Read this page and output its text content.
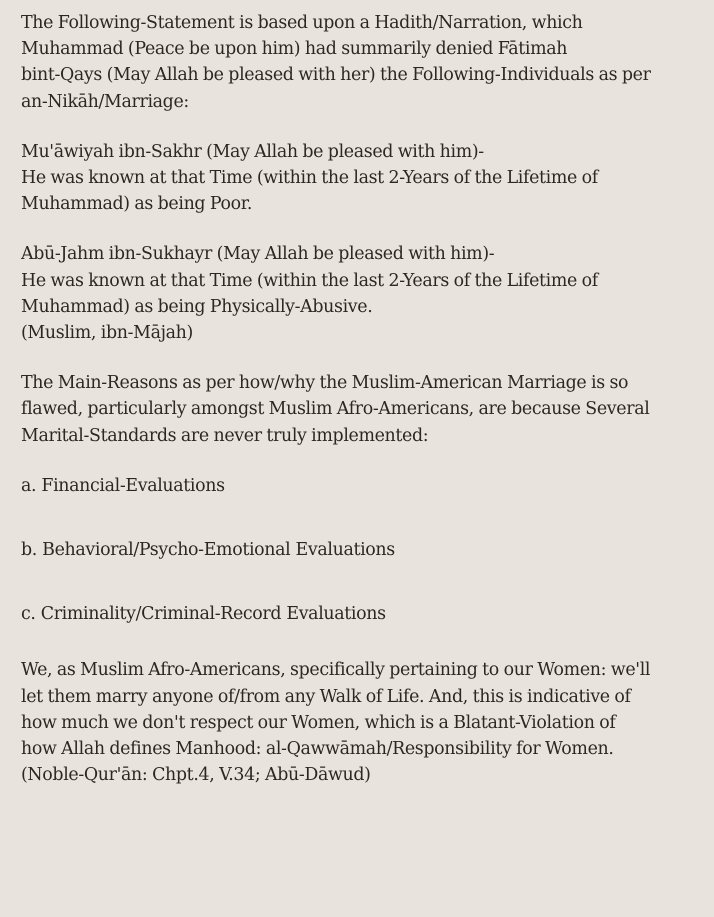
The Following-Statement is based upon a Hadith/Narration, which
Muhammad (Peace be upon him) had summarily denied Fātimah
bint-Qays (May Allah be pleased with her) the Following-Individuals as per
an-Nikāh/Marriage:

Mu'āwiyah ibn-Sakhr (May Allah be pleased with him)-
He was known at that Time (within the last 2-Years of the Lifetime of
Muhammad) as being Poor.

Abū-Jahm ibn-Sukhayr (May Allah be pleased with him)-
He was known at that Time (within the last 2-Years of the Lifetime of
Muhammad) as being Physically-Abusive.
(Muslim, ibn-Mājah)

The Main-Reasons as per how/why the Muslim-American Marriage is so
flawed, particularly amongst Muslim Afro-Americans, are because Several
Marital-Standards are never truly implemented:

a. Financial-Evaluations

b. Behavioral/Psycho-Emotional Evaluations

c. Criminality/Criminal-Record Evaluations

We, as Muslim Afro-Americans, specifically pertaining to our Women: we'll
let them marry anyone of/from any Walk of Life. And, this is indicative of
how much we don't respect our Women, which is a Blatant-Violation of
how Allah defines Manhood: al-Qawwāmah/Responsibility for Women.
(Noble-Qur'ān: Chpt.4, V.34; Abū-Dāwud)
